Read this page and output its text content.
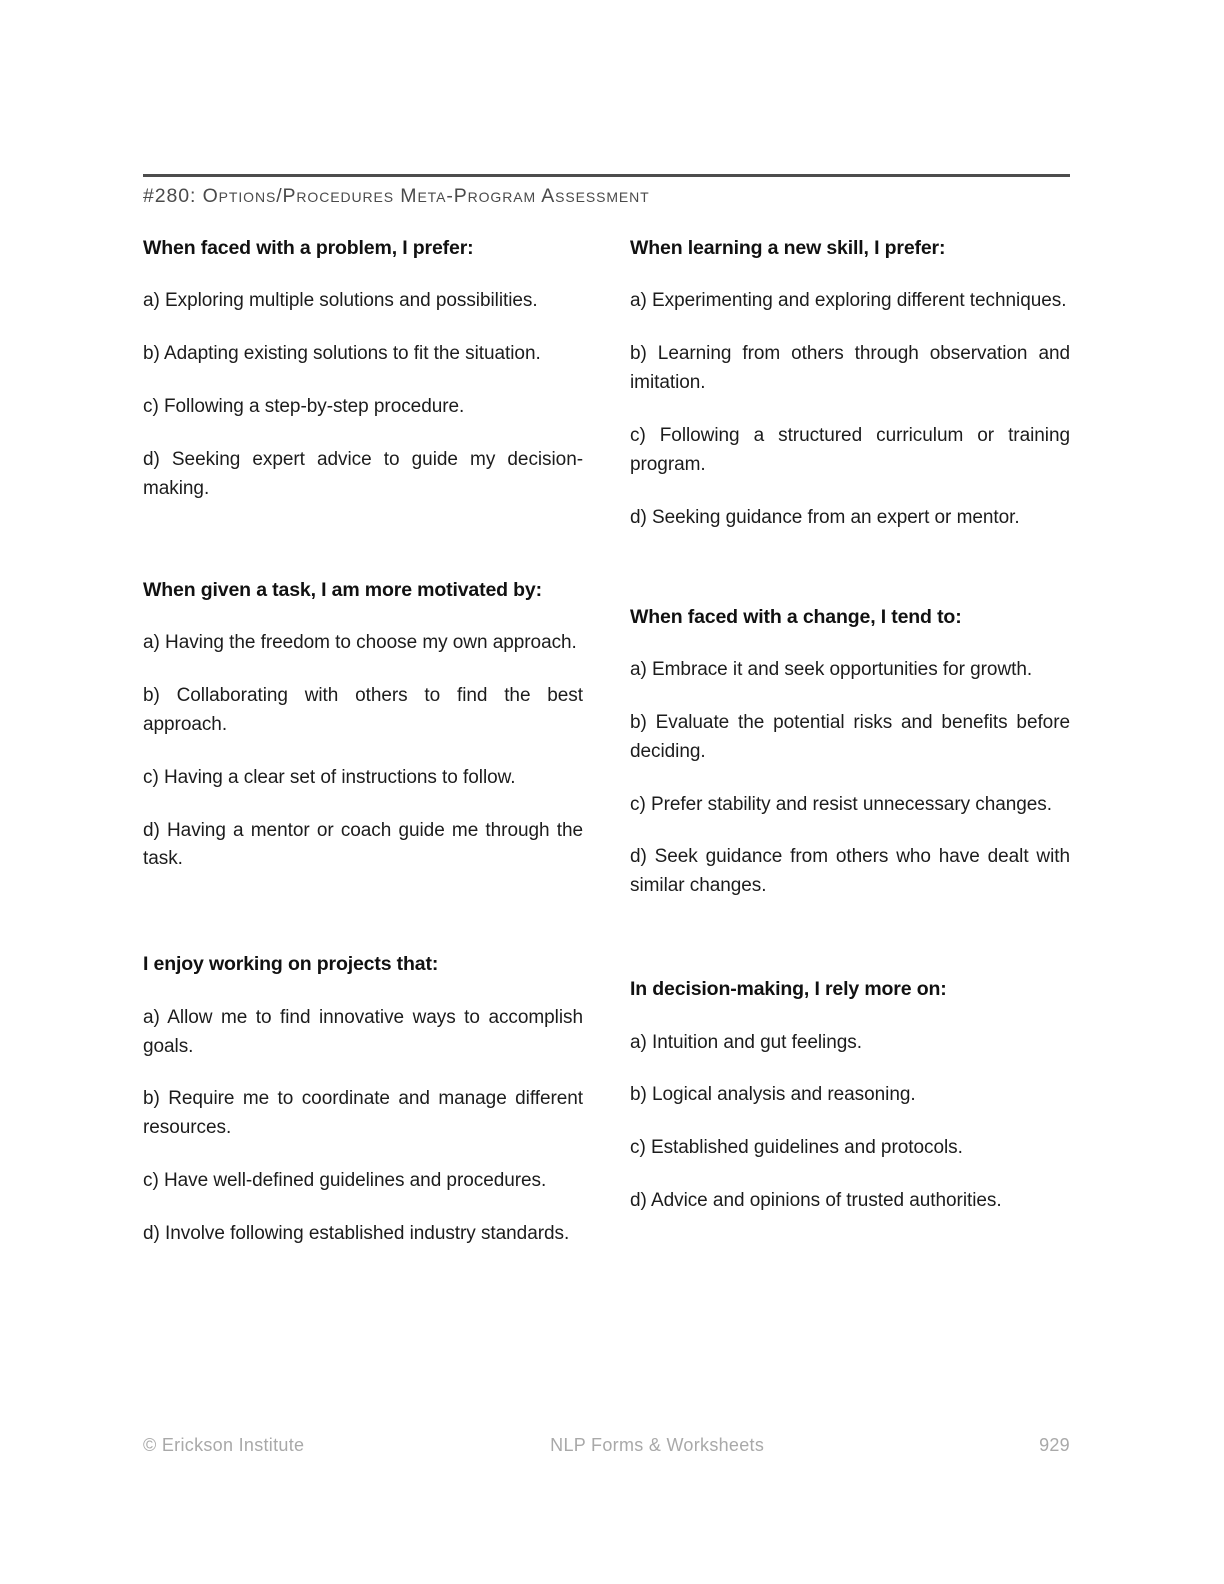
#280: Options/Procedures Meta-Program Assessment
When faced with a problem, I prefer:
a) Exploring multiple solutions and possibilities.
b) Adapting existing solutions to fit the situation.
c) Following a step-by-step procedure.
d) Seeking expert advice to guide my decision-making.
When given a task, I am more motivated by:
a) Having the freedom to choose my own approach.
b) Collaborating with others to find the best approach.
c) Having a clear set of instructions to follow.
d) Having a mentor or coach guide me through the task.
I enjoy working on projects that:
a) Allow me to find innovative ways to accomplish goals.
b) Require me to coordinate and manage different resources.
c) Have well-defined guidelines and procedures.
d) Involve following established industry standards.
When learning a new skill, I prefer:
a) Experimenting and exploring different techniques.
b) Learning from others through observation and imitation.
c) Following a structured curriculum or training program.
d) Seeking guidance from an expert or mentor.
When faced with a change, I tend to:
a) Embrace it and seek opportunities for growth.
b) Evaluate the potential risks and benefits before deciding.
c) Prefer stability and resist unnecessary changes.
d) Seek guidance from others who have dealt with similar changes.
In decision-making, I rely more on:
a) Intuition and gut feelings.
b) Logical analysis and reasoning.
c) Established guidelines and protocols.
d) Advice and opinions of trusted authorities.
© Erickson Institute	NLP Forms & Worksheets	929
